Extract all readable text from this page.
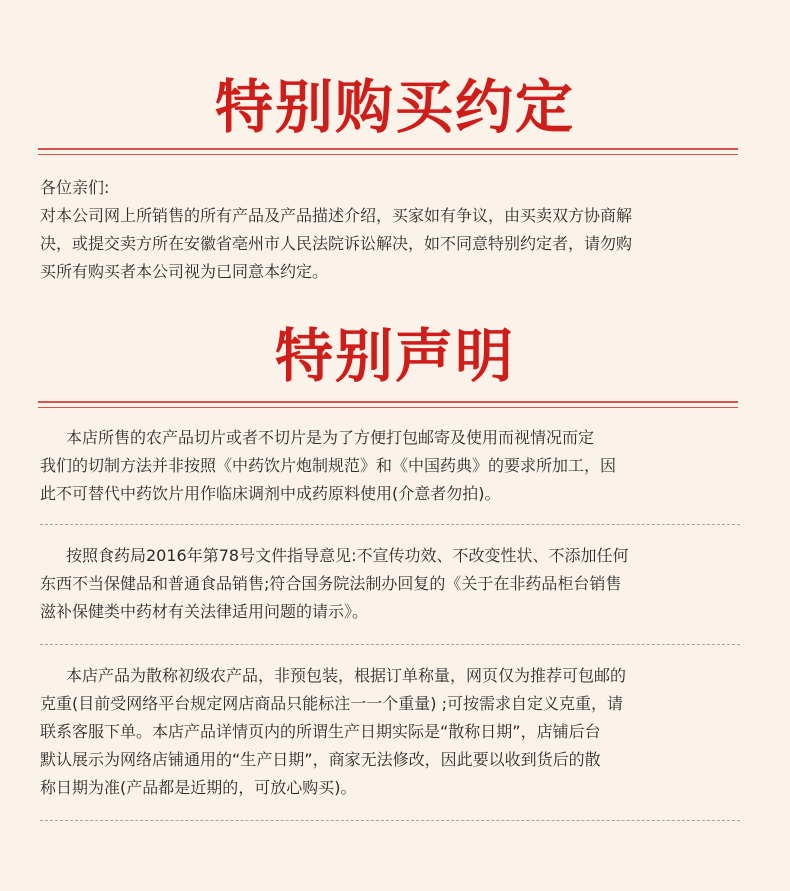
特别购买约定

各位亲们:

对本公司网上所销售的所有产品及产品描述介绍，买家如有争议，由买卖双方协商解

决，或提交卖方所在安徽省亳州市人民法院诉讼解决，如不同意特别约定者，请勿购

买所有购买者本公司视为已同意本约定。

特别声明

本店所售的农产品切片或者不切片是为了方便打包邮寄及使用而视情况而定

我们的切制方法并非按照《中药饮片炮制规范》和《中国药典》的要求所加工，因

此不可替代中药饮片用作临床调剂中成药原料使用(介意者勿拍)。

按照食药局2016年第78号文件指导意见:不宣传功效、不改变性状、不添加任何

东西不当保健品和普通食品销售;符合国务院法制办回复的《关于在非药品柜台销售

滋补保健类中药材有关法律适用问题的请示》。

本店产品为散称初级农产品，非预包装，根据订单称量，网页仅为推荐可包邮的

克重(目前受网络平台规定网店商品只能标注一一个重量) ;可按需求自定义克重，请

联系客服下单。本店产品详情页内的所谓生产日期实际是“散称日期”，店铺后台

默认展示为网络店铺通用的“生产日期”，商家无法修改，因此要以收到货后的散

称日期为准(产品都是近期的，可放心购买)。
